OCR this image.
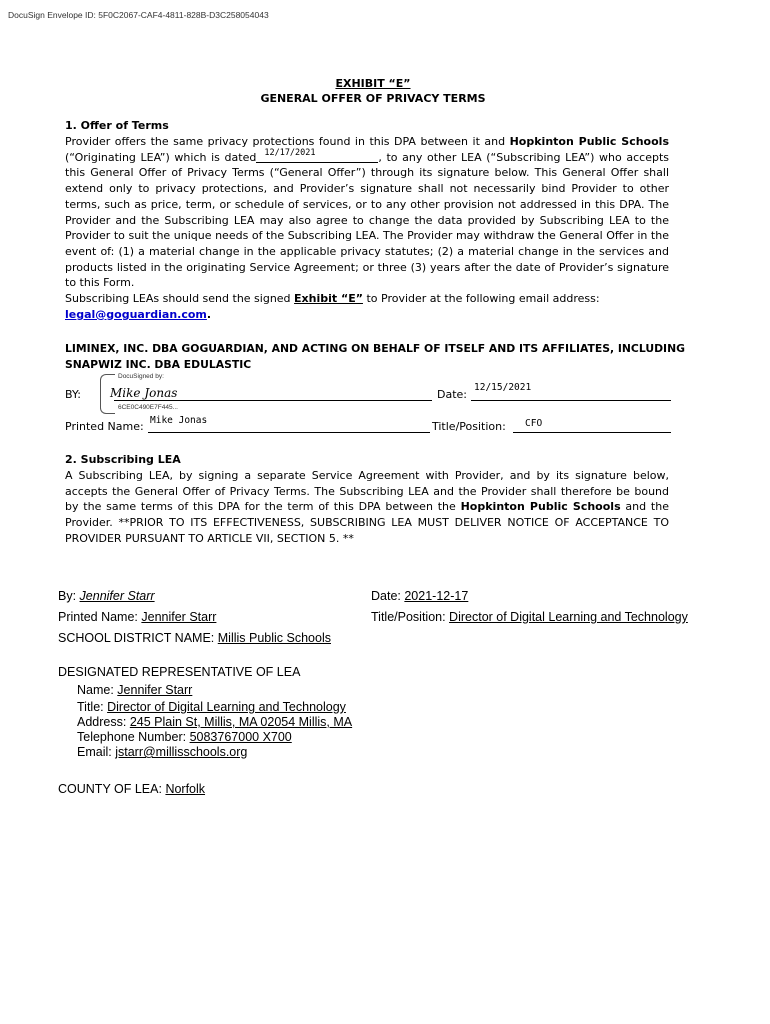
DocuSign Envelope ID: 5F0C2067-CAF4-4811-828B-D3C258054043
EXHIBIT “E”
GENERAL OFFER OF PRIVACY TERMS
1. Offer of Terms
Provider offers the same privacy protections found in this DPA between it and Hopkinton Public Schools (“Originating LEA”) which is dated 12/17/2021	, to any other LEA (“Subscribing LEA”) who accepts this General Offer of Privacy Terms (“General Offer”) through its signature below. This General Offer shall extend only to privacy protections, and Provider’s signature shall not necessarily bind Provider to other terms, such as price, term, or schedule of services, or to any other provision not addressed in this DPA. The Provider and the Subscribing LEA may also agree to change the data provided by Subscribing LEA to the Provider to suit the unique needs of the Subscribing LEA. The Provider may withdraw the General Offer in the event of: (1) a material change in the applicable privacy statutes; (2) a material change in the services and products listed in the originating Service Agreement; or three (3) years after the date of Provider’s signature to this Form.
Subscribing LEAs should send the signed Exhibit “E” to Provider at the following email address:
legal@goguardian.com.
LIMINEX, INC. DBA GOGUARDIAN, AND ACTING ON BEHALF OF ITSELF AND ITS AFFILIATES, INCLUDING
SNAPWIZ INC. DBA EDULASTIC
BY:
DocuSigned by:
Mike Jonas
6CE0C490E7F445...
Date:
12/15/2021
Printed Name: Mike Jonas	Title/Position: CFO
2. Subscribing LEA
A Subscribing LEA, by signing a separate Service Agreement with Provider, and by its signature below, accepts the General Offer of Privacy Terms. The Subscribing LEA and the Provider shall therefore be bound by the same terms of this DPA for the term of this DPA between the Hopkinton Public Schools and the Provider. **PRIOR TO ITS EFFECTIVENESS, SUBSCRIBING LEA MUST DELIVER NOTICE OF ACCEPTANCE TO PROVIDER PURSUANT TO ARTICLE VII, SECTION 5. **
By: Jennifer Starr	Date: 2021-12-17
Printed Name: Jennifer Starr	Title/Position: Director of Digital Learning and Technology
SCHOOL DISTRICT NAME: Millis Public Schools
DESIGNATED REPRESENTATIVE OF LEA
Name: Jennifer Starr
Title: Director of Digital Learning and Technology
Address: 245 Plain St, Millis, MA 02054 Millis, MA
Telephone Number: 5083767000 X700
Email: jstarr@millisschools.org
COUNTY OF LEA: Norfolk
